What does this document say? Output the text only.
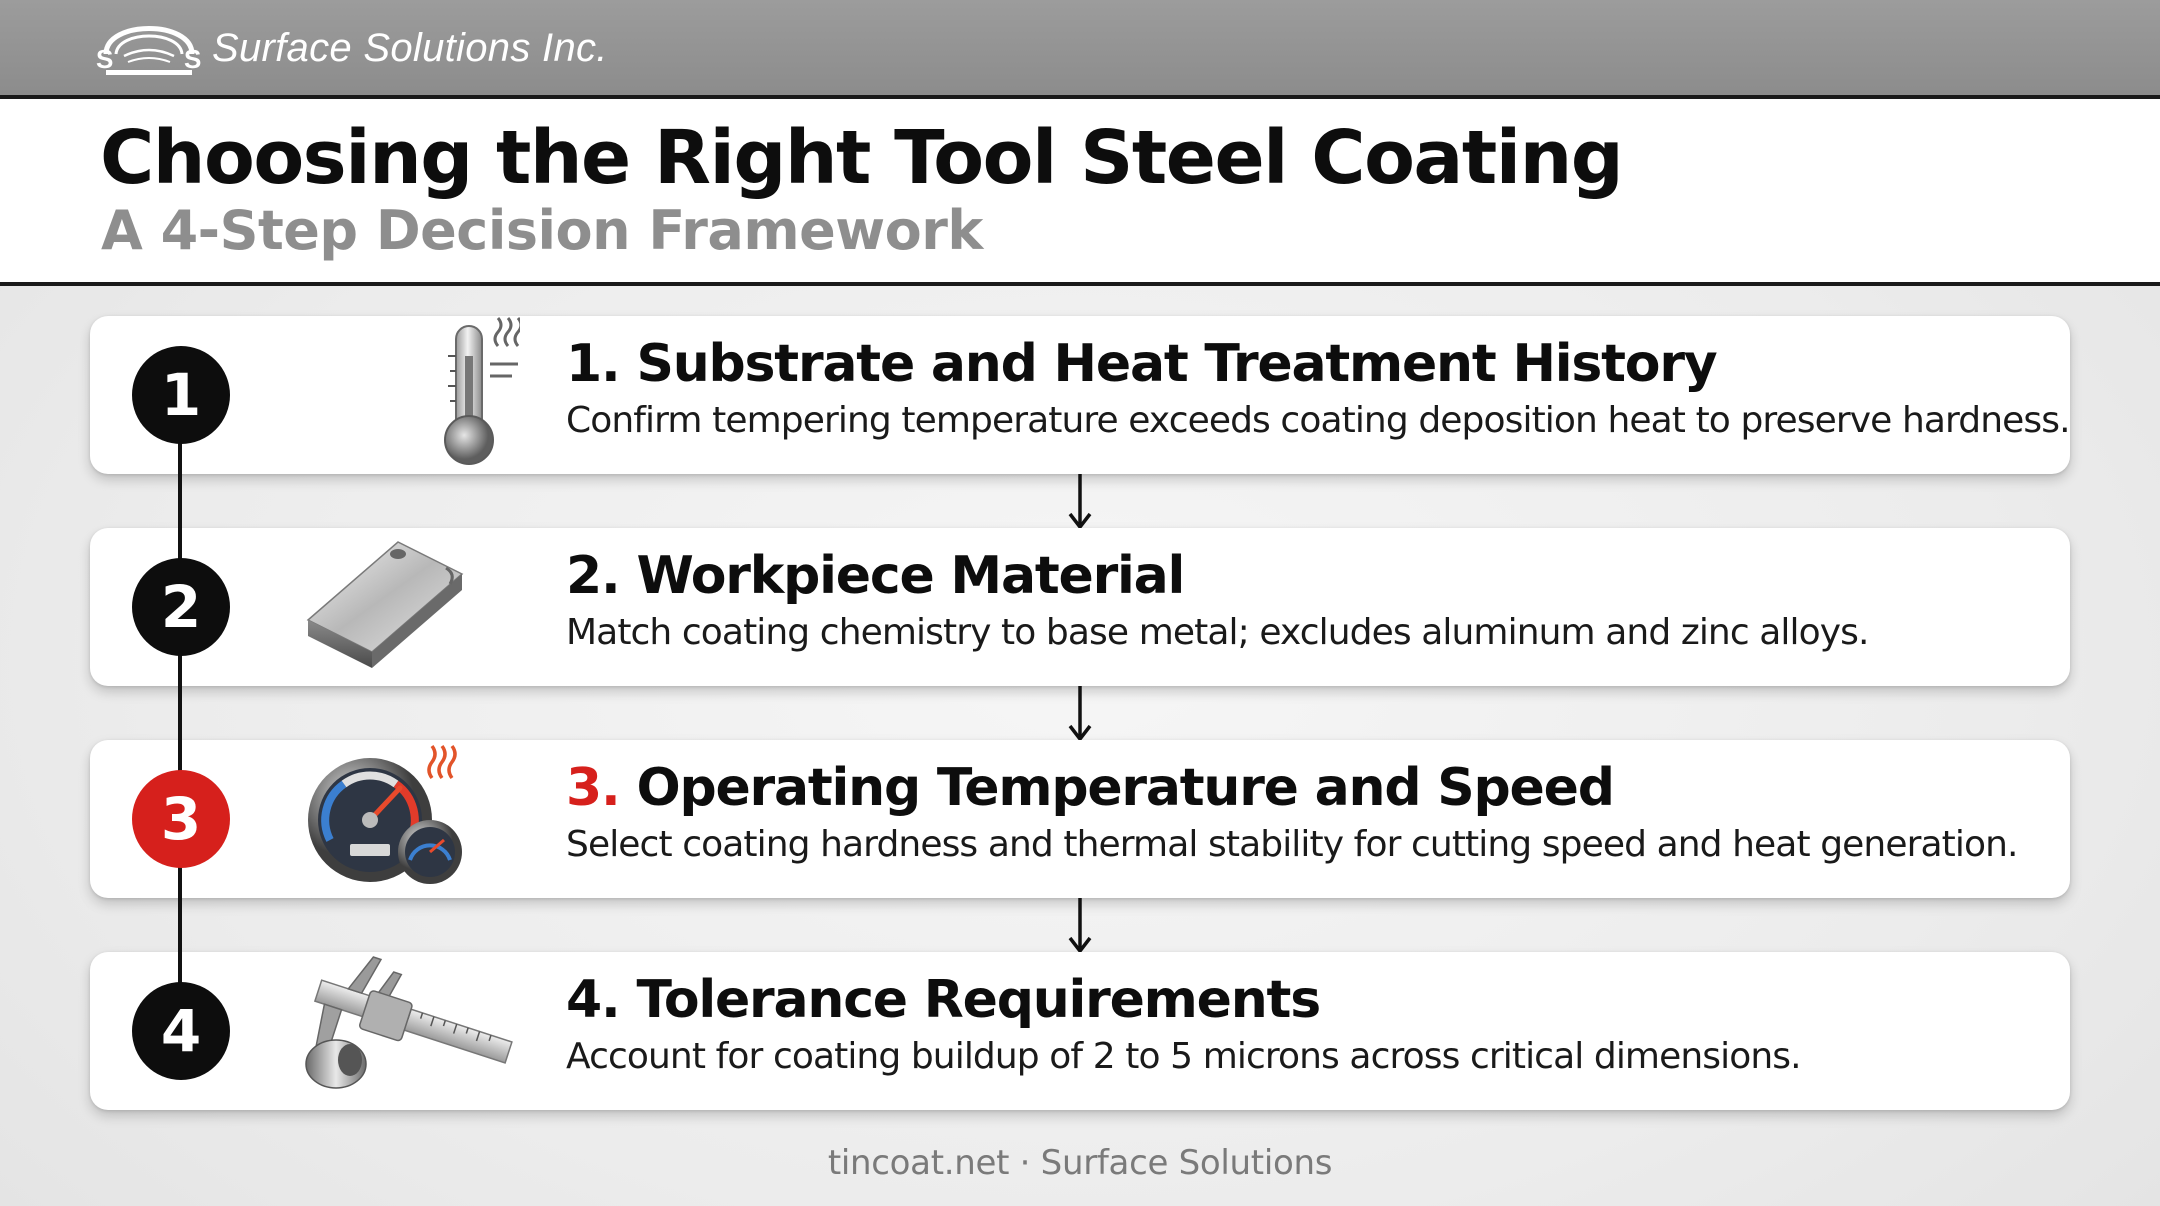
S	S Surface Solutions Inc.
Choosing the Right Tool Steel Coating
A 4-Step Decision Framework
1. Substrate and Heat Treatment History

Confirm tempering temperature exceeds coating deposition heat to preserve hardness.

1
2. Workpiece Material

Match coating chemistry to base metal; excludes aluminum and zinc alloys.

2
3. Operating Temperature and Speed

Select coating hardness and thermal stability for cutting speed and heat generation.

3
4. Tolerance Requirements

Account for coating buildup of 2 to 5 microns across critical dimensions.

4
tincoat.net · Surface Solutions
